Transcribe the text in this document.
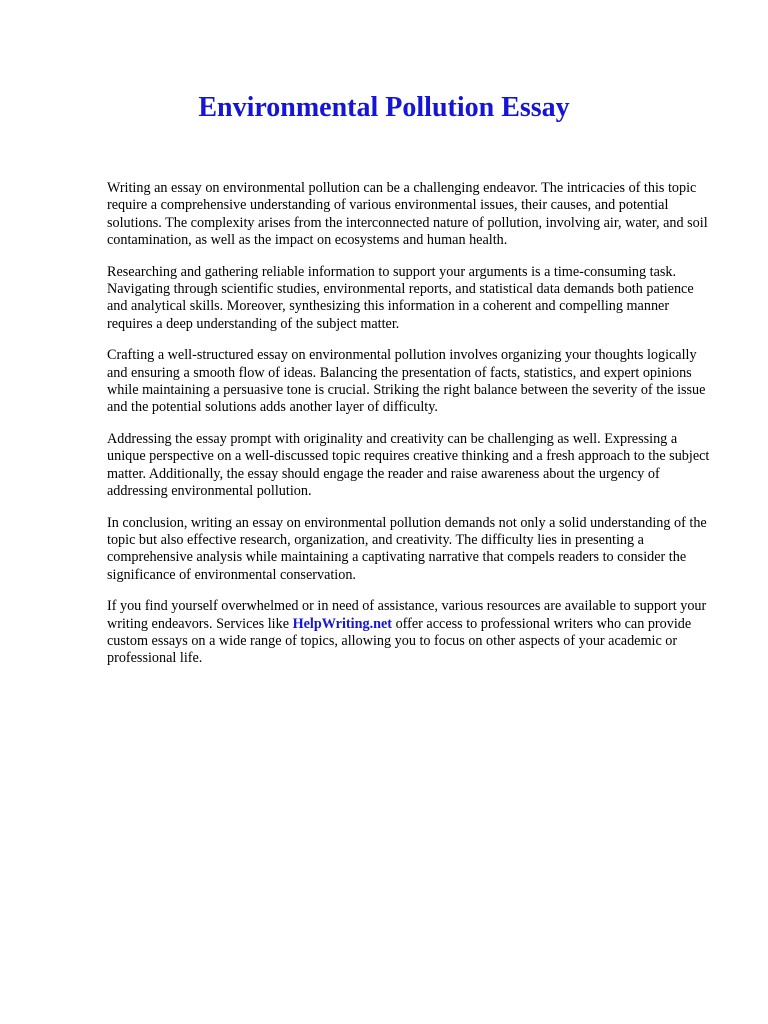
Environmental Pollution Essay

Writing an essay on environmental pollution can be a challenging endeavor. The intricacies of this topic require a comprehensive understanding of various environmental issues, their causes, and potential solutions. The complexity arises from the interconnected nature of pollution, involving air, water, and soil contamination, as well as the impact on ecosystems and human health.

Researching and gathering reliable information to support your arguments is a time-consuming task. Navigating through scientific studies, environmental reports, and statistical data demands both patience and analytical skills. Moreover, synthesizing this information in a coherent and compelling manner requires a deep understanding of the subject matter.

Crafting a well-structured essay on environmental pollution involves organizing your thoughts logically and ensuring a smooth flow of ideas. Balancing the presentation of facts, statistics, and expert opinions while maintaining a persuasive tone is crucial. Striking the right balance between the severity of the issue and the potential solutions adds another layer of difficulty.

Addressing the essay prompt with originality and creativity can be challenging as well. Expressing a unique perspective on a well-discussed topic requires creative thinking and a fresh approach to the subject matter. Additionally, the essay should engage the reader and raise awareness about the urgency of addressing environmental pollution.

In conclusion, writing an essay on environmental pollution demands not only a solid understanding of the topic but also effective research, organization, and creativity. The difficulty lies in presenting a comprehensive analysis while maintaining a captivating narrative that compels readers to consider the significance of environmental conservation.

If you find yourself overwhelmed or in need of assistance, various resources are available to support your writing endeavors. Services like HelpWriting.net offer access to professional writers who can provide custom essays on a wide range of topics, allowing you to focus on other aspects of your academic or professional life.
